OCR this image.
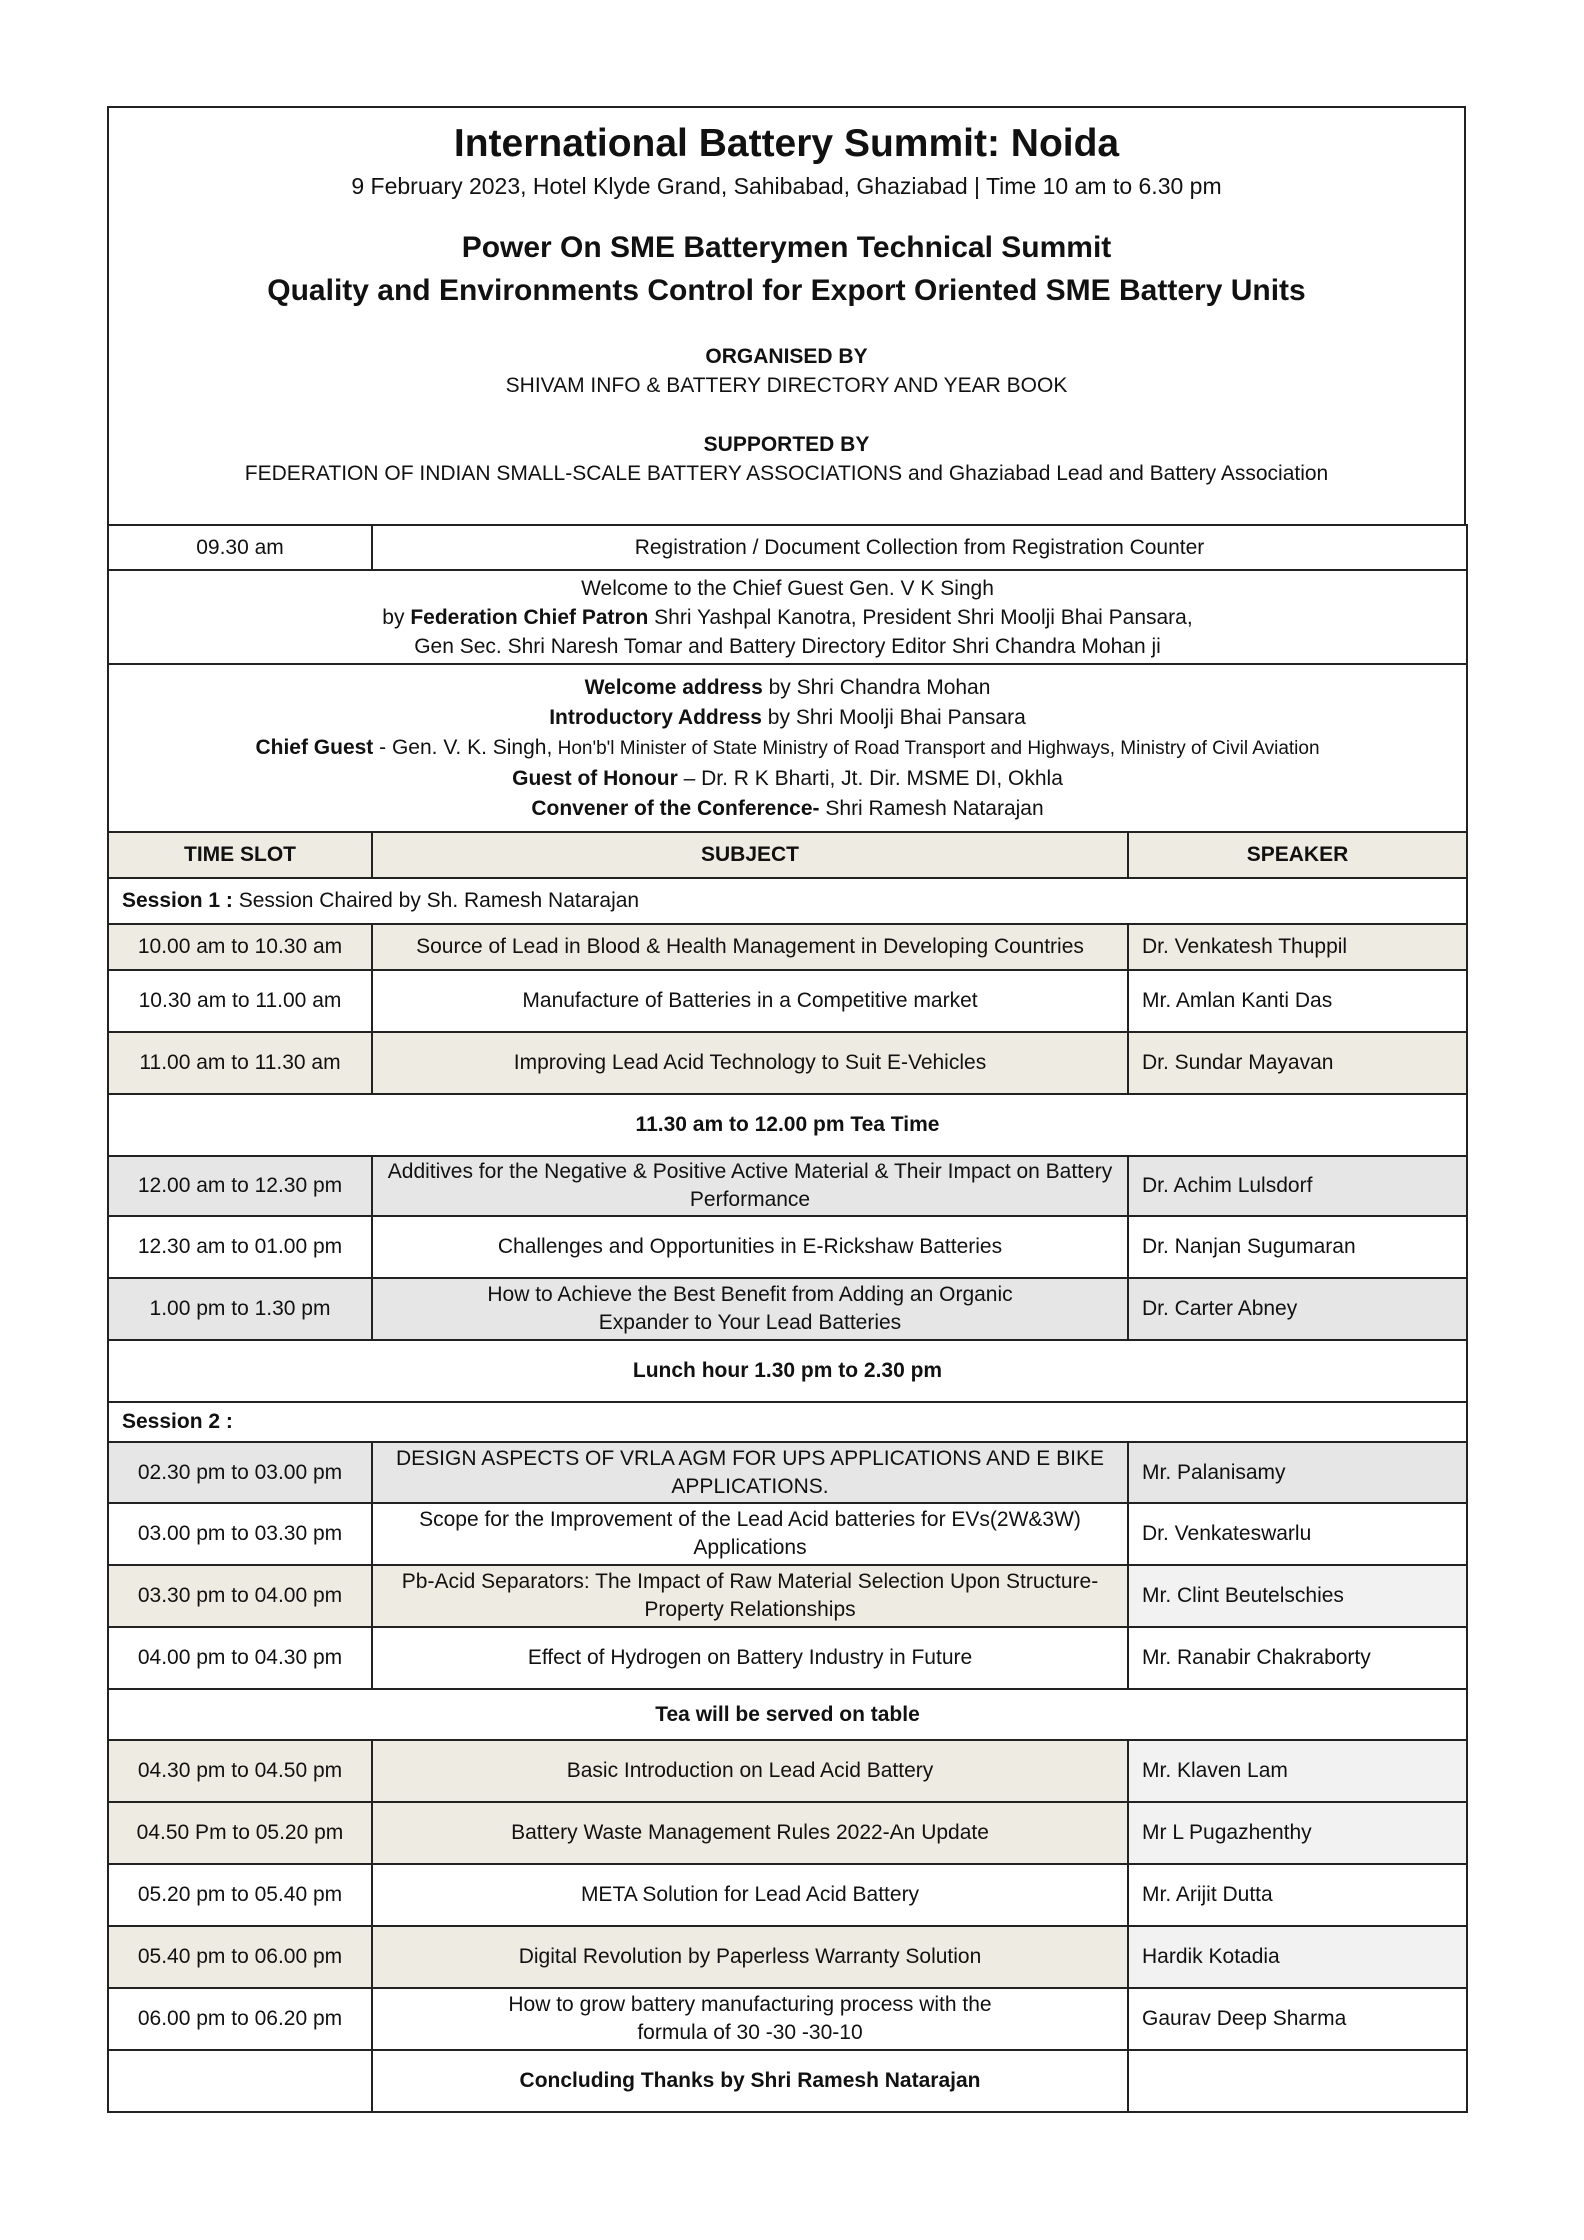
International Battery Summit: Noida
9 February 2023, Hotel Klyde Grand, Sahibabad, Ghaziabad | Time 10 am to 6.30 pm
Power On SME Batterymen Technical Summit
Quality and Environments Control for Export Oriented SME Battery Units
ORGANISED BY
SHIVAM INFO & BATTERY DIRECTORY AND YEAR BOOK
SUPPORTED BY
FEDERATION OF INDIAN SMALL-SCALE BATTERY ASSOCIATIONS and Ghaziabad Lead and Battery Association
09.30 am	Registration / Document Collection from Registration Counter	

Welcome to the Chief Guest Gen. V K Singh
by Federation Chief Patron Shri Yashpal Kanotra, President Shri Moolji Bhai Pansara,
Gen Sec. Shri Naresh Tomar and Battery Directory Editor Shri Chandra Mohan ji		

Welcome address by Shri Chandra Mohan
Introductory Address by Shri Moolji Bhai Pansara
Chief Guest - Gen. V. K. Singh, Hon'b'l Minister of State Ministry of Road Transport and Highways, Ministry of Civil Aviation
Guest of Honour – Dr. R K Bharti, Jt. Dir. MSME DI, Okhla
Convener of the Conference- Shri Ramesh Natarajan		

TIME SLOT	SUBJECT	SPEAKER
Session 1 : Session Chaired by Sh. Ramesh Natarajan		
10.00 am to 10.30 am	Source of Lead in Blood & Health Management in Developing Countries	Dr. Venkatesh Thuppil
10.30 am to 11.00 am	Manufacture of Batteries in a Competitive market	Mr. Amlan Kanti Das
11.00 am to 11.30 am	Improving Lead Acid Technology to Suit E-Vehicles	Dr. Sundar Mayavan
11.30 am to 12.00 pm Tea Time		
12.00 am to 12.30 pm	Additives for the Negative & Positive Active Material & Their Impact on Battery Performance	Dr. Achim Lulsdorf
12.30 am to 01.00 pm	Challenges and Opportunities in E-Rickshaw Batteries	Dr. Nanjan Sugumaran
1.00 pm to 1.30 pm	How to Achieve the Best Benefit from Adding an Organic Expander to Your Lead Batteries	Dr. Carter Abney
Lunch hour 1.30 pm to 2.30 pm		
Session 2 :		
02.30 pm to 03.00 pm	DESIGN ASPECTS OF VRLA AGM FOR UPS APPLICATIONS AND E BIKE APPLICATIONS.	Mr. Palanisamy
03.00 pm to 03.30 pm	Scope for the Improvement of the Lead Acid batteries for EVs(2W&3W) Applications	Dr. Venkateswarlu
03.30 pm to 04.00 pm	Pb-Acid Separators: The Impact of Raw Material Selection Upon Structure-Property Relationships	Mr. Clint Beutelschies
04.00 pm to 04.30 pm	Effect of Hydrogen on Battery Industry in Future	Mr. Ranabir Chakraborty
Tea will be served on table		
04.30 pm to 04.50 pm	Basic Introduction on Lead Acid Battery	Mr. Klaven Lam
04.50 Pm to 05.20 pm	Battery Waste Management Rules 2022-An Update	Mr L Pugazhenthy
05.20 pm to 05.40 pm	META Solution for Lead Acid Battery	Mr. Arijit Dutta
05.40 pm to 06.00 pm	Digital Revolution by Paperless Warranty Solution	Hardik Kotadia
06.00 pm to 06.20 pm	How to grow battery manufacturing process with the formula of 30 -30 -30-10	Gaurav Deep Sharma
	Concluding Thanks by Shri Ramesh Natarajan	
